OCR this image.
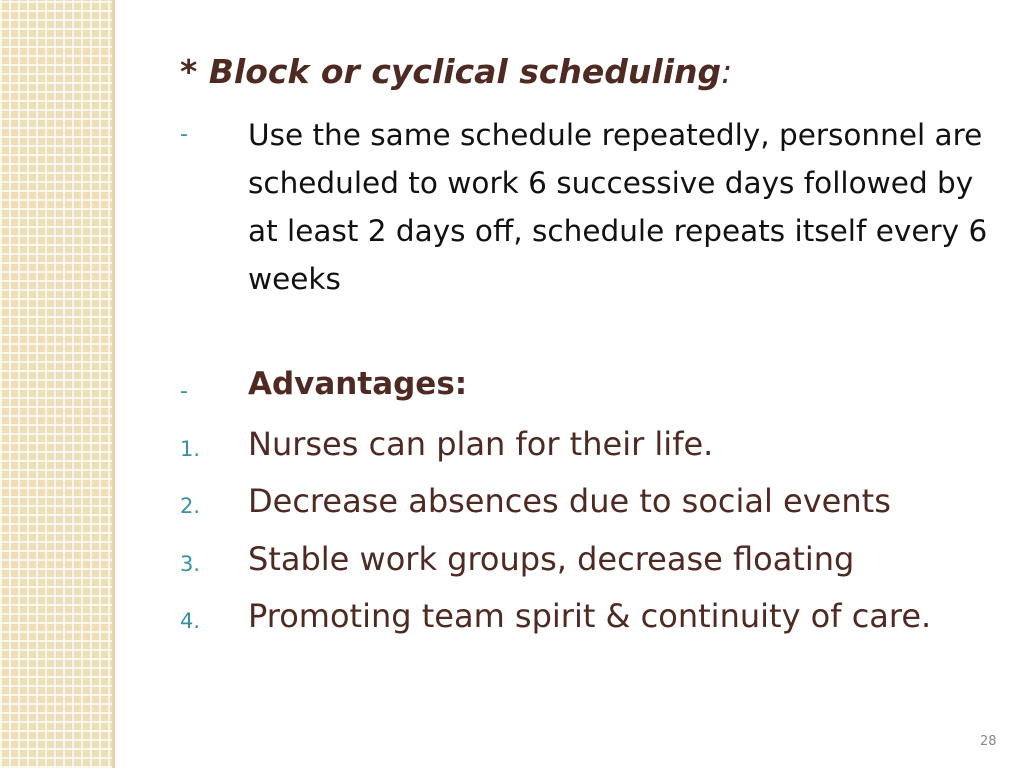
* Block or cyclical scheduling:
- Use the same schedule repeatedly, personnel are scheduled to work 6 successive days followed by at least 2 days off, schedule repeats itself every 6 weeks
- Advantages:
1. Nurses can plan for their life.
2. Decrease absences due to social events
3. Stable work groups, decrease floating
4. Promoting team spirit & continuity of care.
28
